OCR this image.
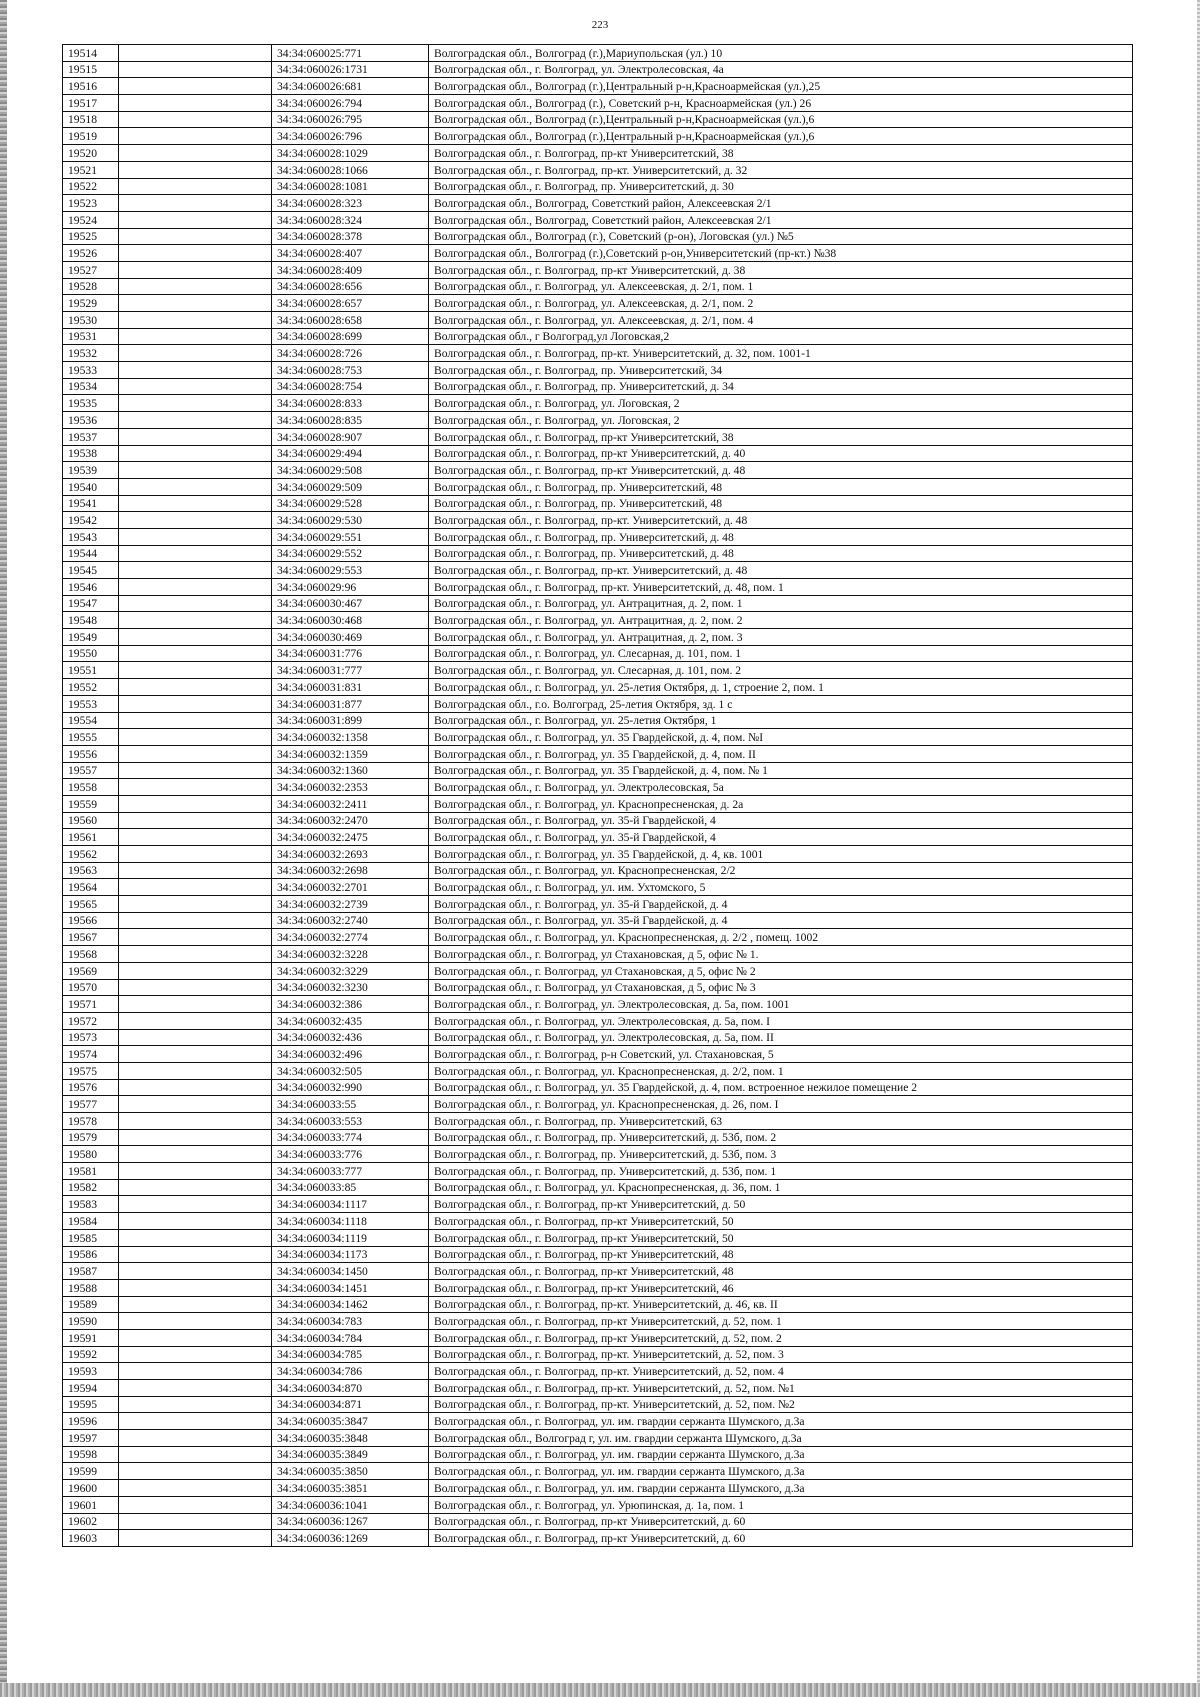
223
19514		34:34:060025:771	Волгоградская обл., Волгоград (г.),Мариупольская (ул.) 10
19515		34:34:060026:1731	Волгоградская обл., г. Волгоград, ул. Электролесовская, 4а
19516		34:34:060026:681	Волгоградская обл., Волгоград (г.),Центральный р-н,Красноармейская (ул.),25
19517		34:34:060026:794	Волгоградская обл., Волгоград (г.), Советский р-н, Красноармейская (ул.) 26
19518		34:34:060026:795	Волгоградская обл., Волгоград (г.),Центральный р-н,Красноармейская (ул.),6
19519		34:34:060026:796	Волгоградская обл., Волгоград (г.),Центральный р-н,Красноармейская (ул.),6
19520		34:34:060028:1029	Волгоградская обл., г. Волгоград, пр-кт Университетский, 38
19521		34:34:060028:1066	Волгоградская обл., г. Волгоград, пр-кт. Университетский, д. 32
19522		34:34:060028:1081	Волгоградская обл., г. Волгоград, пр. Университетский, д. 30
19523		34:34:060028:323	Волгоградская обл., Волгоград, Советсткий район, Алексеевская 2/1
19524		34:34:060028:324	Волгоградская обл., Волгоград, Советсткий район, Алексеевская 2/1
19525		34:34:060028:378	Волгоградская обл., Волгоград (г.), Советский (р-он), Логовская (ул.) №5
19526		34:34:060028:407	Волгоградская обл., Волгоград (г.),Советский р-он,Университетский (пр-кт.) №38
19527		34:34:060028:409	Волгоградская обл., г. Волгоград, пр-кт Университетский, д. 38
19528		34:34:060028:656	Волгоградская обл., г. Волгоград, ул. Алексеевская, д. 2/1, пом. 1
19529		34:34:060028:657	Волгоградская обл., г. Волгоград, ул. Алексеевская, д. 2/1, пом. 2
19530		34:34:060028:658	Волгоградская обл., г. Волгоград, ул. Алексеевская, д. 2/1, пом. 4
19531		34:34:060028:699	Волгоградская обл., г Волгоград,ул Логовская,2
19532		34:34:060028:726	Волгоградская обл., г. Волгоград, пр-кт. Университетский, д. 32, пом. 1001-1
19533		34:34:060028:753	Волгоградская обл., г. Волгоград, пр. Университетский, 34
19534		34:34:060028:754	Волгоградская обл., г. Волгоград, пр. Университетский, д. 34
19535		34:34:060028:833	Волгоградская обл., г. Волгоград, ул. Логовская, 2
19536		34:34:060028:835	Волгоградская обл., г. Волгоград, ул. Логовская, 2
19537		34:34:060028:907	Волгоградская обл., г. Волгоград, пр-кт Университетский, 38
19538		34:34:060029:494	Волгоградская обл., г. Волгоград, пр-кт Университетский, д. 40
19539		34:34:060029:508	Волгоградская обл., г. Волгоград, пр-кт Университетский, д. 48
19540		34:34:060029:509	Волгоградская обл., г. Волгоград, пр. Университетский, 48
19541		34:34:060029:528	Волгоградская обл., г. Волгоград, пр. Университетский, 48
19542		34:34:060029:530	Волгоградская обл., г. Волгоград, пр-кт. Университетский, д. 48
19543		34:34:060029:551	Волгоградская обл., г. Волгоград, пр. Университетский, д. 48
19544		34:34:060029:552	Волгоградская обл., г. Волгоград, пр. Университетский, д. 48
19545		34:34:060029:553	Волгоградская обл., г. Волгоград, пр-кт. Университетский, д. 48
19546		34:34:060029:96	Волгоградская обл., г. Волгоград, пр-кт. Университетский, д. 48, пом. 1
19547		34:34:060030:467	Волгоградская обл., г. Волгоград, ул. Антрацитная, д. 2, пом. 1
19548		34:34:060030:468	Волгоградская обл., г. Волгоград, ул. Антрацитная, д. 2, пом. 2
19549		34:34:060030:469	Волгоградская обл., г. Волгоград, ул. Антрацитная, д. 2, пом. 3
19550		34:34:060031:776	Волгоградская обл., г. Волгоград, ул. Слесарная, д. 101, пом. 1
19551		34:34:060031:777	Волгоградская обл., г. Волгоград, ул. Слесарная, д. 101, пом. 2
19552		34:34:060031:831	Волгоградская обл., г. Волгоград, ул. 25-летия Октября, д. 1, строение 2, пом. 1
19553		34:34:060031:877	Волгоградская обл., г.о. Волгоград, 25-летия Октября, зд. 1 с
19554		34:34:060031:899	Волгоградская обл., г. Волгоград, ул. 25-летия Октября, 1
19555		34:34:060032:1358	Волгоградская обл., г. Волгоград, ул. 35 Гвардейской, д. 4, пом. №I
19556		34:34:060032:1359	Волгоградская обл., г. Волгоград, ул. 35 Гвардейской, д. 4, пом. II
19557		34:34:060032:1360	Волгоградская обл., г. Волгоград, ул. 35 Гвардейской, д. 4, пом. № 1
19558		34:34:060032:2353	Волгоградская обл., г. Волгоград, ул. Электролесовская, 5а
19559		34:34:060032:2411	Волгоградская обл., г. Волгоград, ул. Краснопресненская, д. 2а
19560		34:34:060032:2470	Волгоградская обл., г. Волгоград, ул. 35-й Гвардейской, 4
19561		34:34:060032:2475	Волгоградская обл., г. Волгоград, ул. 35-й Гвардейской, 4
19562		34:34:060032:2693	Волгоградская обл., г. Волгоград, ул. 35 Гвардейской, д. 4, кв. 1001
19563		34:34:060032:2698	Волгоградская обл., г. Волгоград, ул. Краснопресненская, 2/2
19564		34:34:060032:2701	Волгоградская обл., г. Волгоград, ул. им. Ухтомского, 5
19565		34:34:060032:2739	Волгоградская обл., г. Волгоград, ул. 35-й Гвардейской, д. 4
19566		34:34:060032:2740	Волгоградская обл., г. Волгоград, ул. 35-й Гвардейской, д. 4
19567		34:34:060032:2774	Волгоградская обл., г. Волгоград, ул. Краснопресненская, д. 2/2 , помещ. 1002
19568		34:34:060032:3228	Волгоградская обл., г. Волгоград, ул Стахановская, д 5, офис № 1.
19569		34:34:060032:3229	Волгоградская обл., г. Волгоград, ул Стахановская, д 5, офис № 2
19570		34:34:060032:3230	Волгоградская обл., г. Волгоград, ул Стахановская, д 5, офис № 3
19571		34:34:060032:386	Волгоградская обл., г. Волгоград, ул. Электролесовская, д. 5а, пом. 1001
19572		34:34:060032:435	Волгоградская обл., г. Волгоград, ул. Электролесовская, д. 5а, пом. I
19573		34:34:060032:436	Волгоградская обл., г. Волгоград, ул. Электролесовская, д. 5а, пом. II
19574		34:34:060032:496	Волгоградская обл., г. Волгоград, р-н Советский, ул. Стахановская, 5
19575		34:34:060032:505	Волгоградская обл., г. Волгоград, ул. Краснопресненская, д. 2/2, пом. 1
19576		34:34:060032:990	Волгоградская обл., г. Волгоград, ул. 35 Гвардейской, д. 4, пом. встроенное нежилое помещение 2
19577		34:34:060033:55	Волгоградская обл., г. Волгоград, ул. Краснопресненская, д. 26, пом. I
19578		34:34:060033:553	Волгоградская обл., г. Волгоград, пр. Университетский, 63
19579		34:34:060033:774	Волгоградская обл., г. Волгоград, пр. Университетский, д. 53б, пом. 2
19580		34:34:060033:776	Волгоградская обл., г. Волгоград, пр. Университетский, д. 53б, пом. 3
19581		34:34:060033:777	Волгоградская обл., г. Волгоград, пр. Университетский, д. 53б, пом. 1
19582		34:34:060033:85	Волгоградская обл., г. Волгоград, ул. Краснопресненская, д. 36, пом. 1
19583		34:34:060034:1117	Волгоградская обл., г. Волгоград, пр-кт Университетский, д. 50
19584		34:34:060034:1118	Волгоградская обл., г. Волгоград, пр-кт Университетский, 50
19585		34:34:060034:1119	Волгоградская обл., г. Волгоград, пр-кт Университетский, 50
19586		34:34:060034:1173	Волгоградская обл., г. Волгоград, пр-кт Университетский, 48
19587		34:34:060034:1450	Волгоградская обл., г. Волгоград, пр-кт Университетский, 48
19588		34:34:060034:1451	Волгоградская обл., г. Волгоград, пр-кт Университетский, 46
19589		34:34:060034:1462	Волгоградская обл., г. Волгоград, пр-кт. Университетский, д. 46, кв. II
19590		34:34:060034:783	Волгоградская обл., г. Волгоград, пр-кт Университетский, д. 52, пом. 1
19591		34:34:060034:784	Волгоградская обл., г. Волгоград, пр-кт Университетский, д. 52, пом. 2
19592		34:34:060034:785	Волгоградская обл., г. Волгоград, пр-кт. Университетский, д. 52, пом. 3
19593		34:34:060034:786	Волгоградская обл., г. Волгоград, пр-кт. Университетский, д. 52, пом. 4
19594		34:34:060034:870	Волгоградская обл., г. Волгоград, пр-кт. Университетский, д. 52, пом. №1
19595		34:34:060034:871	Волгоградская обл., г. Волгоград, пр-кт. Университетский, д. 52, пом. №2
19596		34:34:060035:3847	Волгоградская обл., г. Волгоград, ул. им. гвардии сержанта Шумского, д.3а
19597		34:34:060035:3848	Волгоградская обл., Волгоград г, ул. им. гвардии сержанта Шумского, д.3а
19598		34:34:060035:3849	Волгоградская обл., г. Волгоград, ул. им. гвардии сержанта Шумского, д.3а
19599		34:34:060035:3850	Волгоградская обл., г. Волгоград, ул. им. гвардии сержанта Шумского, д.3а
19600		34:34:060035:3851	Волгоградская обл., г. Волгоград, ул. им. гвардии сержанта Шумского, д.3а
19601		34:34:060036:1041	Волгоградская обл., г. Волгоград, ул. Урюпинская, д. 1а, пом. 1
19602		34:34:060036:1267	Волгоградская обл., г. Волгоград, пр-кт Университетский, д. 60
19603		34:34:060036:1269	Волгоградская обл., г. Волгоград, пр-кт Университетский, д. 60
